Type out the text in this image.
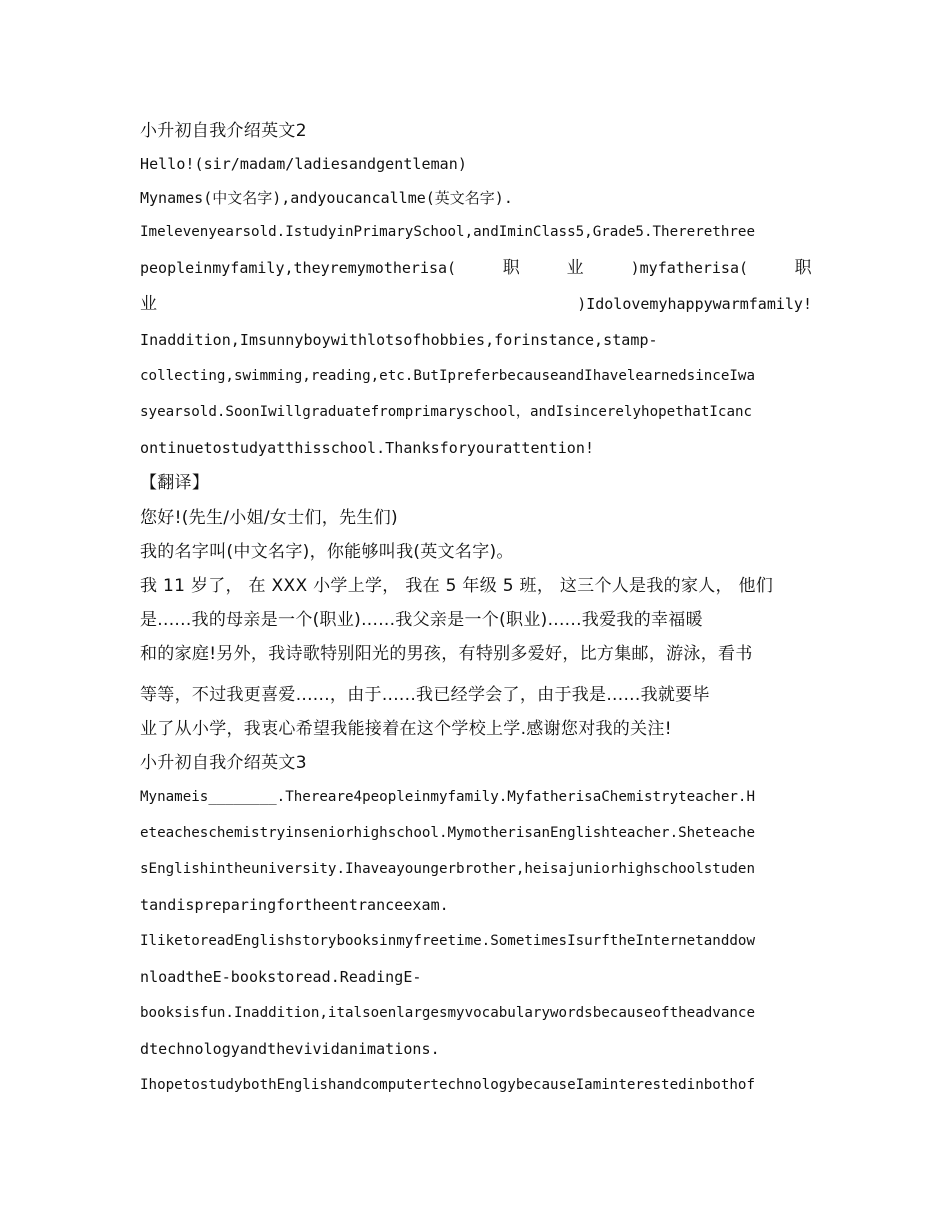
小升初自我介绍英文2
Hello!(sir/madam/ladiesandgentleman)
Mynames(中文名字),andyoucancallme(英文名字).
Imelevenyearsold.IstudyinPrimarySchool,andIminClass5,Grade5.Thererethree
peopleinmyfamily,theyremymotherisa(	职	业	)myfatherisa(	职
业	)Idolovemyhappywarmfamily!
Inaddition,Imsunnyboywithlotsofhobbies,forinstance,stamp-
collecting,swimming,reading,etc.ButIpreferbecauseandIhavelearnedsinceIwa
syearsold.SoonIwillgraduatefromprimaryschool，andIsincerelyhopethatIcanc
ontinuetostudyatthisschool.Thanksforyourattention!
【翻译】
您好!(先生/小姐/女士们，先生们)
我的名字叫(中文名字)，你能够叫我(英文名字)。
我 11 岁了， 在 XXX 小学上学， 我在 5 年级 5 班， 这三个人是我的家人， 他们
是......我的母亲是一个(职业)......我父亲是一个(职业)......我爱我的幸福暖
和的家庭!另外，我诗歌特别阳光的男孩，有特别多爱好，比方集邮，游泳，看书
等等，不过我更喜爱......，由于......我已经学会了，由于我是......我就要毕
业了从小学，我衷心希望我能接着在这个学校上学.感谢您对我的关注!
小升初自我介绍英文3
Mynameis________.Thereare4peopleinmyfamily.MyfatherisaChemistryteacher.H
eteacheschemistryinseniorhighschool.MymotherisanEnglishteacher.Sheteache
sEnglishintheuniversity.Ihaveayoungerbrother,heisajuniorhighschoolstuden
tandispreparingfortheentranceexam.
IliketoreadEnglishstorybooksinmyfreetime.SometimesIsurftheInternetanddow
nloadtheE-bookstoread.ReadingE-
booksisfun.Inaddition,italsoenlargesmyvocabularywordsbecauseoftheadvance
dtechnologyandthevividanimations.
IhopetostudybothEnglishandcomputertechnologybecauseIaminterestedinbothof
